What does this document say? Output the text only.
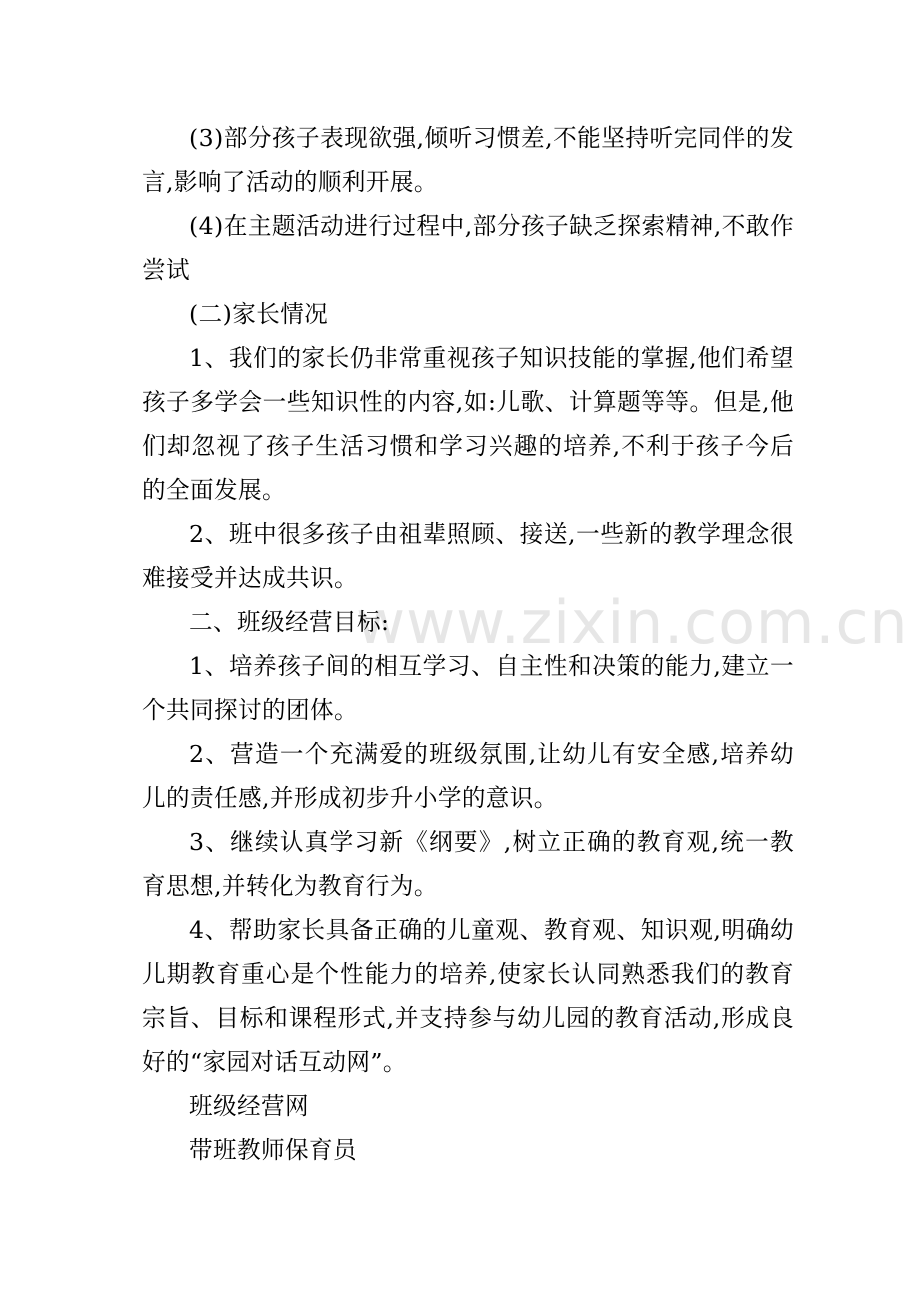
www.zixin.com.cn

(3)部分孩子表现欲强,倾听习惯差,不能坚持听完同伴的发言,影响了活动的顺利开展。

(4)在主题活动进行过程中,部分孩子缺乏探索精神,不敢作尝试

(二)家长情况

1、我们的家长仍非常重视孩子知识技能的掌握,他们希望孩子多学会一些知识性的内容,如:儿歌、计算题等等。但是,他们却忽视了孩子生活习惯和学习兴趣的培养,不利于孩子今后的全面发展。

2、班中很多孩子由祖辈照顾、接送,一些新的教学理念很难接受并达成共识。

二、班级经营目标:

1、培养孩子间的相互学习、自主性和决策的能力,建立一个共同探讨的团体。

2、营造一个充满爱的班级氛围,让幼儿有安全感,培养幼儿的责任感,并形成初步升小学的意识。

3、继续认真学习新《纲要》,树立正确的教育观,统一教育思想,并转化为教育行为。

4、帮助家长具备正确的儿童观、教育观、知识观,明确幼儿期教育重心是个性能力的培养,使家长认同熟悉我们的教育宗旨、目标和课程形式,并支持参与幼儿园的教育活动,形成良好的“家园对话互动网”。

班级经营网

带班教师保育员
